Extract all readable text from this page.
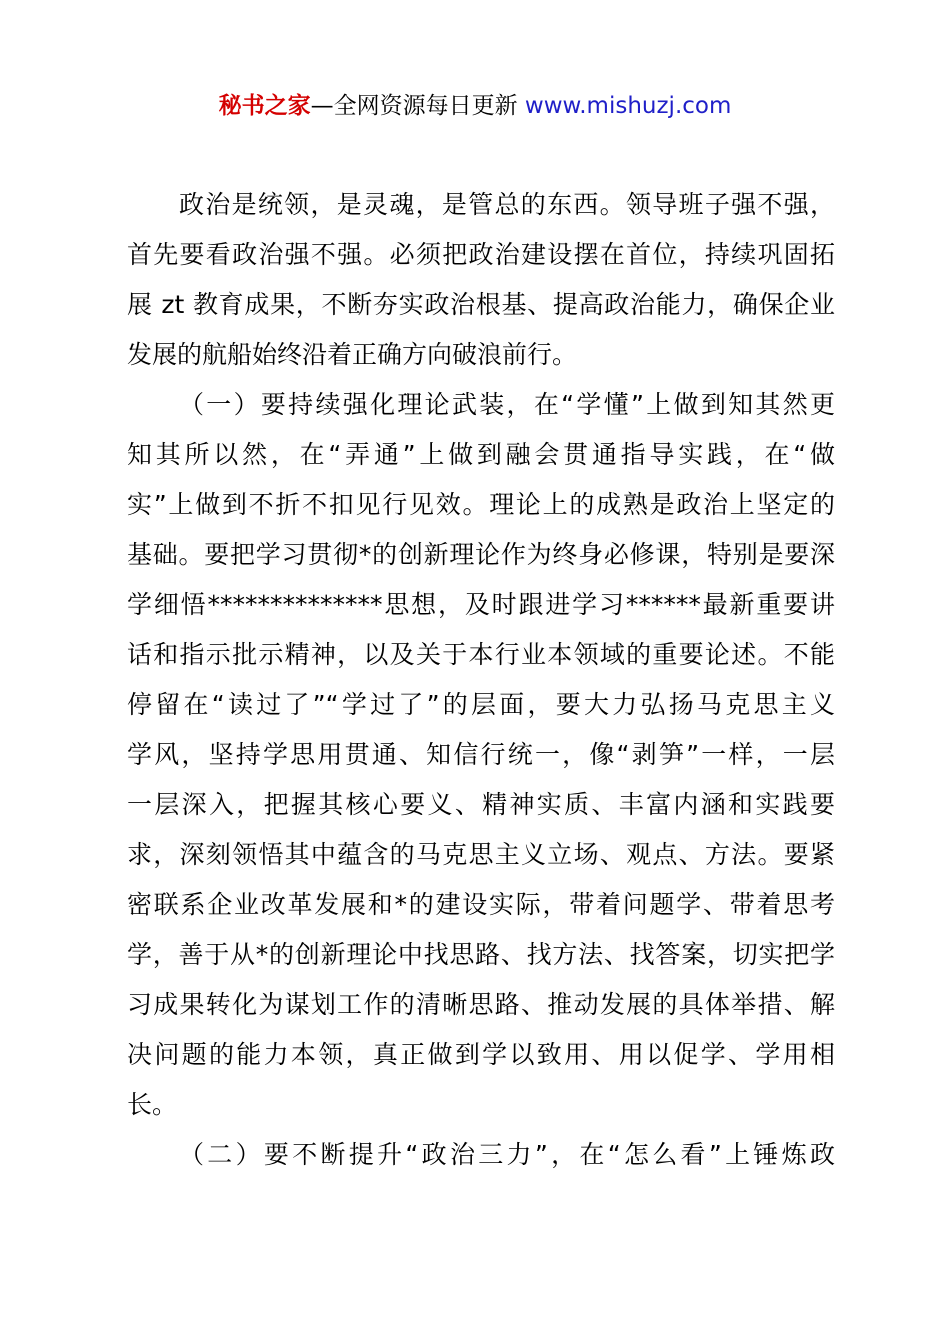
秘书之家—全网资源每日更新 www.mishuzj.com
政治是统领，是灵魂，是管总的东西。领导班子强不强，
首先要看政治强不强。必须把政治建设摆在首位，持续巩固拓
展 zt 教育成果，不断夯实政治根基、提高政治能力，确保企业
发展的航船始终沿着正确方向破浪前行。
（一）要持续强化理论武装，在“学懂”上做到知其然更
知其所以然，在“弄通”上做到融会贯通指导实践，在“做
实”上做到不折不扣见行见效。理论上的成熟是政治上坚定的
基础。要把学习贯彻*的创新理论作为终身必修课，特别是要深
学细悟**************思想，及时跟进学习******最新重要讲
话和指示批示精神，以及关于本行业本领域的重要论述。不能
停留在“读过了”“学过了”的层面，要大力弘扬马克思主义
学风，坚持学思用贯通、知信行统一，像“剥笋”一样，一层
一层深入，把握其核心要义、精神实质、丰富内涵和实践要
求，深刻领悟其中蕴含的马克思主义立场、观点、方法。要紧
密联系企业改革发展和*的建设实际，带着问题学、带着思考
学，善于从*的创新理论中找思路、找方法、找答案，切实把学
习成果转化为谋划工作的清晰思路、推动发展的具体举措、解
决问题的能力本领，真正做到学以致用、用以促学、学用相
长。
（二）要不断提升“政治三力”，在“怎么看”上锤炼政
